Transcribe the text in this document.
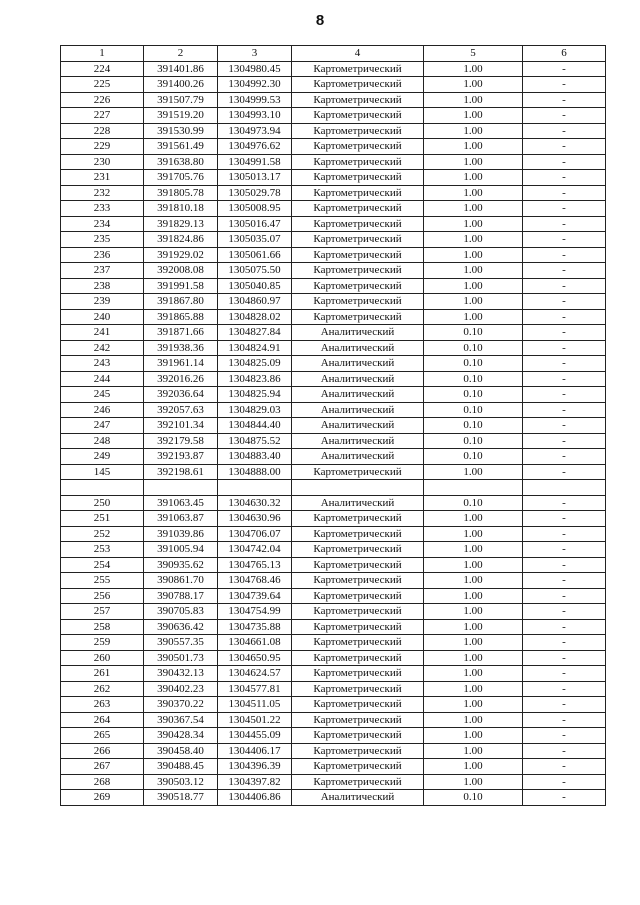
8
1	2	3	4	5	6
224	391401.86	1304980.45	Картометрический	1.00	-
225	391400.26	1304992.30	Картометрический	1.00	-
226	391507.79	1304999.53	Картометрический	1.00	-
227	391519.20	1304993.10	Картометрический	1.00	-
228	391530.99	1304973.94	Картометрический	1.00	-
229	391561.49	1304976.62	Картометрический	1.00	-
230	391638.80	1304991.58	Картометрический	1.00	-
231	391705.76	1305013.17	Картометрический	1.00	-
232	391805.78	1305029.78	Картометрический	1.00	-
233	391810.18	1305008.95	Картометрический	1.00	-
234	391829.13	1305016.47	Картометрический	1.00	-
235	391824.86	1305035.07	Картометрический	1.00	-
236	391929.02	1305061.66	Картометрический	1.00	-
237	392008.08	1305075.50	Картометрический	1.00	-
238	391991.58	1305040.85	Картометрический	1.00	-
239	391867.80	1304860.97	Картометрический	1.00	-
240	391865.88	1304828.02	Картометрический	1.00	-
241	391871.66	1304827.84	Аналитический	0.10	-
242	391938.36	1304824.91	Аналитический	0.10	-
243	391961.14	1304825.09	Аналитический	0.10	-
244	392016.26	1304823.86	Аналитический	0.10	-
245	392036.64	1304825.94	Аналитический	0.10	-
246	392057.63	1304829.03	Аналитический	0.10	-
247	392101.34	1304844.40	Аналитический	0.10	-
248	392179.58	1304875.52	Аналитический	0.10	-
249	392193.87	1304883.40	Аналитический	0.10	-
145	392198.61	1304888.00	Картометрический	1.00	-

250	391063.45	1304630.32	Аналитический	0.10	-
251	391063.87	1304630.96	Картометрический	1.00	-
252	391039.86	1304706.07	Картометрический	1.00	-
253	391005.94	1304742.04	Картометрический	1.00	-
254	390935.62	1304765.13	Картометрический	1.00	-
255	390861.70	1304768.46	Картометрический	1.00	-
256	390788.17	1304739.64	Картометрический	1.00	-
257	390705.83	1304754.99	Картометрический	1.00	-
258	390636.42	1304735.88	Картометрический	1.00	-
259	390557.35	1304661.08	Картометрический	1.00	-
260	390501.73	1304650.95	Картометрический	1.00	-
261	390432.13	1304624.57	Картометрический	1.00	-
262	390402.23	1304577.81	Картометрический	1.00	-
263	390370.22	1304511.05	Картометрический	1.00	-
264	390367.54	1304501.22	Картометрический	1.00	-
265	390428.34	1304455.09	Картометрический	1.00	-
266	390458.40	1304406.17	Картометрический	1.00	-
267	390488.45	1304396.39	Картометрический	1.00	-
268	390503.12	1304397.82	Картометрический	1.00	-
269	390518.77	1304406.86	Аналитический	0.10	-
